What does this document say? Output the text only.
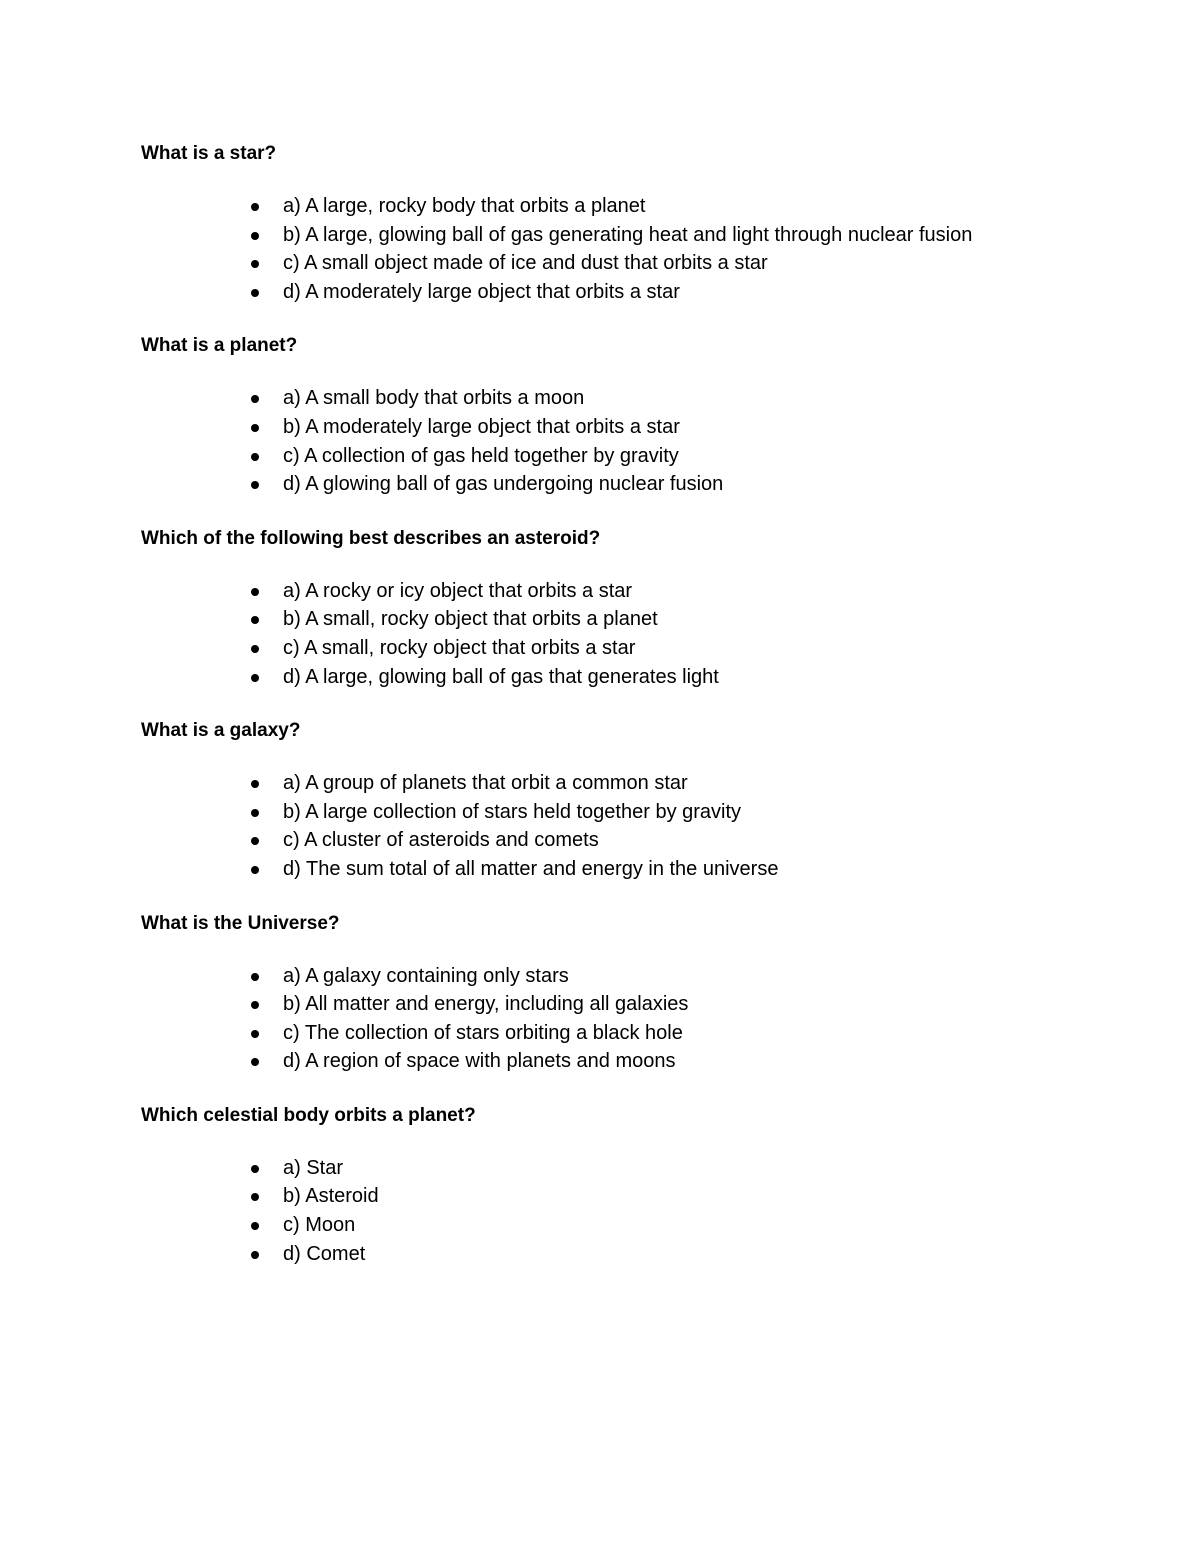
What is a star?
a) A large, rocky body that orbits a planet
b) A large, glowing ball of gas generating heat and light through nuclear fusion
c) A small object made of ice and dust that orbits a star
d) A moderately large object that orbits a star
What is a planet?
a) A small body that orbits a moon
b) A moderately large object that orbits a star
c) A collection of gas held together by gravity
d) A glowing ball of gas undergoing nuclear fusion
Which of the following best describes an asteroid?
a) A rocky or icy object that orbits a star
b) A small, rocky object that orbits a planet
c) A small, rocky object that orbits a star
d) A large, glowing ball of gas that generates light
What is a galaxy?
a) A group of planets that orbit a common star
b) A large collection of stars held together by gravity
c) A cluster of asteroids and comets
d) The sum total of all matter and energy in the universe
What is the Universe?
a) A galaxy containing only stars
b) All matter and energy, including all galaxies
c) The collection of stars orbiting a black hole
d) A region of space with planets and moons
Which celestial body orbits a planet?
a) Star
b) Asteroid
c) Moon
d) Comet
